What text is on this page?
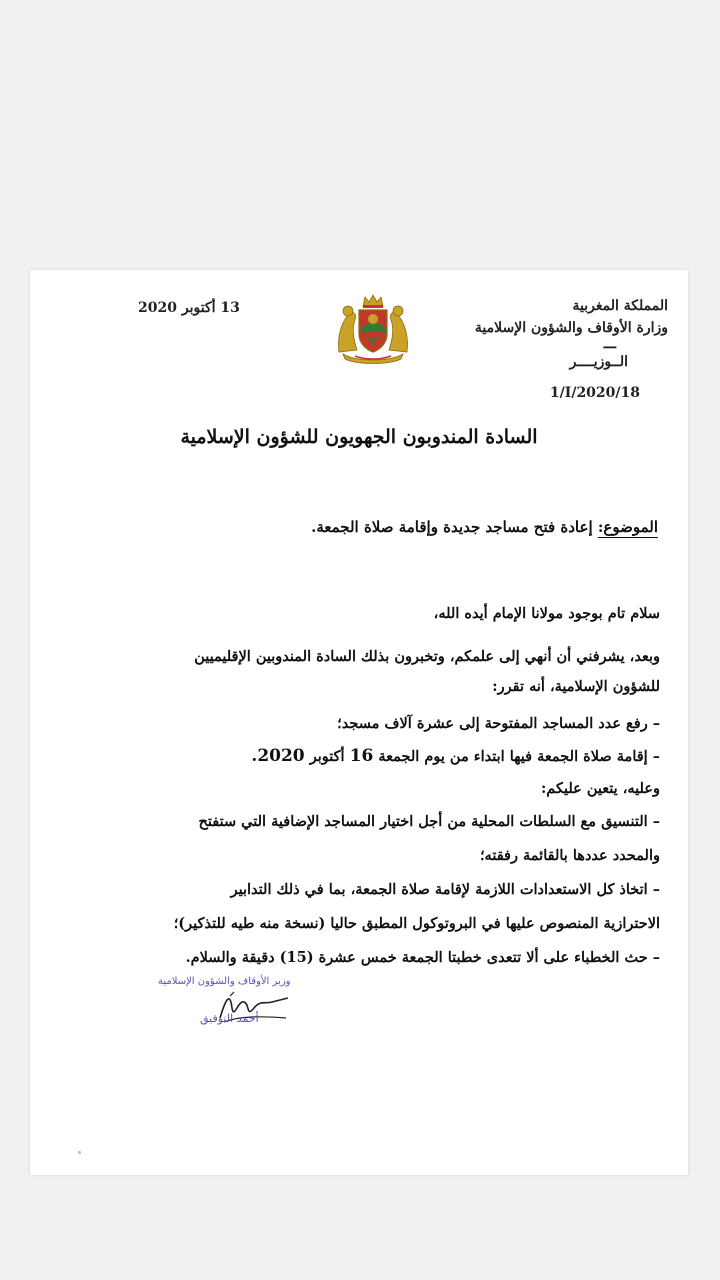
المملكة المغربية
وزارة الأوقاف والشؤون الإسلامية
ـــ
الــوزيــــر
1/I/2020/18
13 أكتوبر 2020
السادة المندوبون الجهويون للشؤون الإسلامية
الموضوع: إعادة فتح مساجد جديدة وإقامة صلاة الجمعة.

سلام تام بوجود مولانا الإمام أيده الله،

وبعد، يشرفني أن أنهي إلى علمكم، وتخبرون بذلك السادة المندوبين الإقليميين
للشؤون الإسلامية، أنه تقرر:

– رفع عدد المساجد المفتوحة إلى عشرة آلاف مسجد؛

– إقامة صلاة الجمعة فيها ابتداء من يوم الجمعة 16 أكتوبر 2020.

وعليه، يتعين عليكم:

– التنسيق مع السلطات المحلية من أجل اختيار المساجد الإضافية التي ستفتح
والمحدد عددها بالقائمة رفقته؛

– اتخاذ كل الاستعدادات اللازمة لإقامة صلاة الجمعة، بما في ذلك التدابير
الاحترازية المنصوص عليها في البروتوكول المطبق حاليا (نسخة منه طيه للتذكير)؛

– حث الخطباء على ألا تتعدى خطبتا الجمعة خمس عشرة (15) دقيقة والسلام.

وزير الأوقاف والشؤون الإسلامية
أحمد التوفيق
